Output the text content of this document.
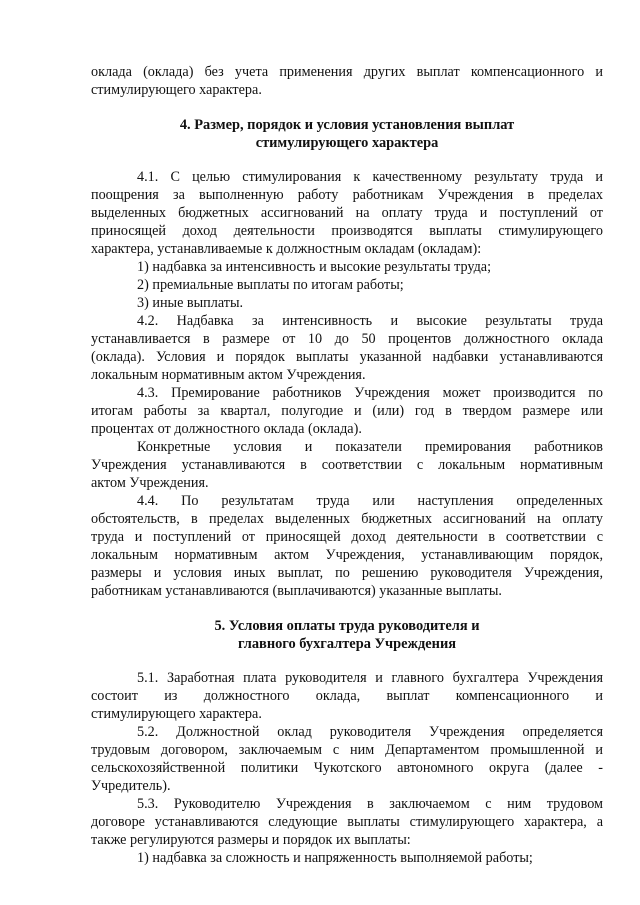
оклада (оклада) без учета применения других выплат компенсационного и
стимулирующего характера.
4. Размер, порядок и условия установления выплат
стимулирующего характера
4.1. С целью стимулирования к качественному результату труда и
поощрения за выполненную работу работникам Учреждения в пределах
выделенных бюджетных ассигнований на оплату труда и поступлений от
приносящей доход деятельности производятся выплаты стимулирующего
характера, устанавливаемые к должностным окладам (окладам):
1) надбавка за интенсивность и высокие результаты труда;
2) премиальные выплаты по итогам работы;
3) иные выплаты.
4.2. Надбавка за интенсивность и высокие результаты труда
устанавливается в размере от 10 до 50 процентов должностного оклада
(оклада). Условия и порядок выплаты указанной надбавки устанавливаются
локальным нормативным актом Учреждения.
4.3. Премирование работников Учреждения может производится по
итогам работы за квартал, полугодие и (или) год в твердом размере или
процентах от должностного оклада (оклада).
Конкретные условия и показатели премирования работников
Учреждения устанавливаются в соответствии с локальным нормативным
актом Учреждения.
4.4. По результатам труда или наступления определенных
обстоятельств, в пределах выделенных бюджетных ассигнований на оплату
труда и поступлений от приносящей доход деятельности в соответствии с
локальным нормативным актом Учреждения, устанавливающим порядок,
размеры и условия иных выплат, по решению руководителя Учреждения,
работникам устанавливаются (выплачиваются) указанные выплаты.
5. Условия оплаты труда руководителя и
главного бухгалтера Учреждения
5.1. Заработная плата руководителя и главного бухгалтера Учреждения
состоит из должностного оклада, выплат компенсационного и
стимулирующего характера.
5.2. Должностной оклад руководителя Учреждения определяется
трудовым договором, заключаемым с ним Департаментом промышленной и
сельскохозяйственной политики Чукотского автономного округа (далее -
Учредитель).
5.3. Руководителю Учреждения в заключаемом с ним трудовом
договоре устанавливаются следующие выплаты стимулирующего характера, а
также регулируются размеры и порядок их выплаты:
1) надбавка за сложность и напряженность выполняемой работы;
